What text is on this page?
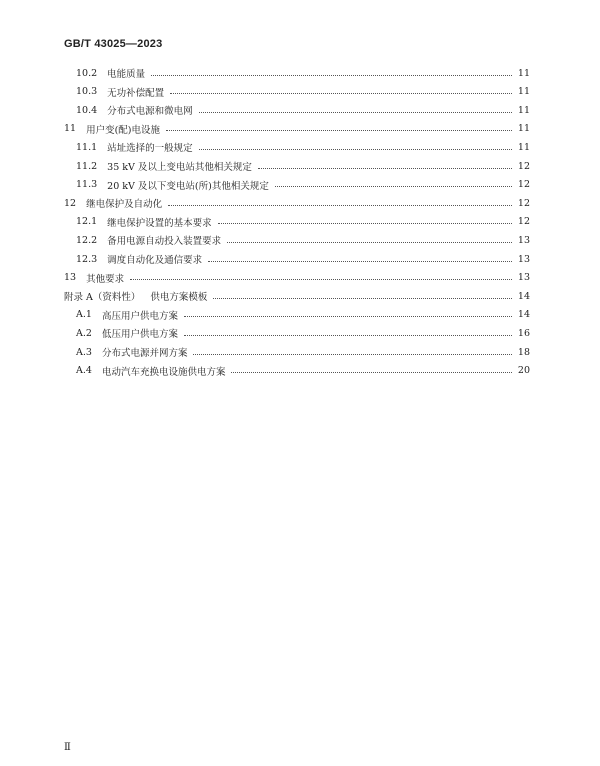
GB/T 43025—2023
10.2 电能质量	11
10.3 无功补偿配置	11
10.4 分布式电源和微电网	11
11 用户变(配)电设施	11
11.1 站址选择的一般规定	11
11.2 35 kV 及以上变电站其他相关规定	12
11.3 20 kV 及以下变电站(所)其他相关规定	12
12 继电保护及自动化	12
12.1 继电保护设置的基本要求	12
12.2 备用电源自动投入装置要求	13
12.3 调度自动化及通信要求	13
13 其他要求	13
附录 A（资料性） 供电方案模板	14
A.1 高压用户供电方案	14
A.2 低压用户供电方案	16
A.3 分布式电源并网方案	18
A.4 电动汽车充换电设施供电方案	20
Ⅱ
